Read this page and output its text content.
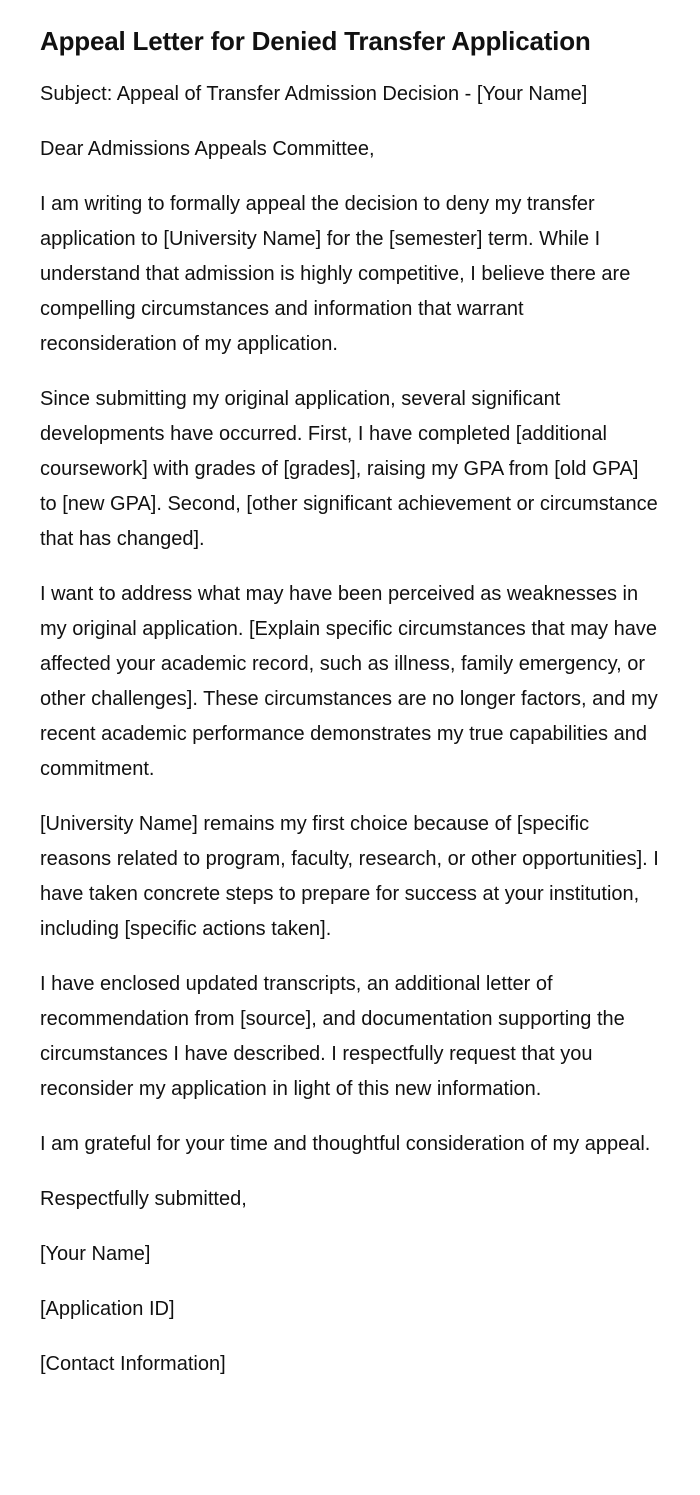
Appeal Letter for Denied Transfer Application

Subject: Appeal of Transfer Admission Decision - [Your Name]

Dear Admissions Appeals Committee,

I am writing to formally appeal the decision to deny my transfer application to [University Name] for the [semester] term. While I understand that admission is highly competitive, I believe there are compelling circumstances and information that warrant reconsideration of my application.

Since submitting my original application, several significant developments have occurred. First, I have completed [additional coursework] with grades of [grades], raising my GPA from [old GPA] to [new GPA]. Second, [other significant achievement or circumstance that has changed].

I want to address what may have been perceived as weaknesses in my original application. [Explain specific circumstances that may have affected your academic record, such as illness, family emergency, or other challenges]. These circumstances are no longer factors, and my recent academic performance demonstrates my true capabilities and commitment.

[University Name] remains my first choice because of [specific reasons related to program, faculty, research, or other opportunities]. I have taken concrete steps to prepare for success at your institution, including [specific actions taken].

I have enclosed updated transcripts, an additional letter of recommendation from [source], and documentation supporting the circumstances I have described. I respectfully request that you reconsider my application in light of this new information.

I am grateful for your time and thoughtful consideration of my appeal.

Respectfully submitted,

[Your Name]

[Application ID]

[Contact Information]
